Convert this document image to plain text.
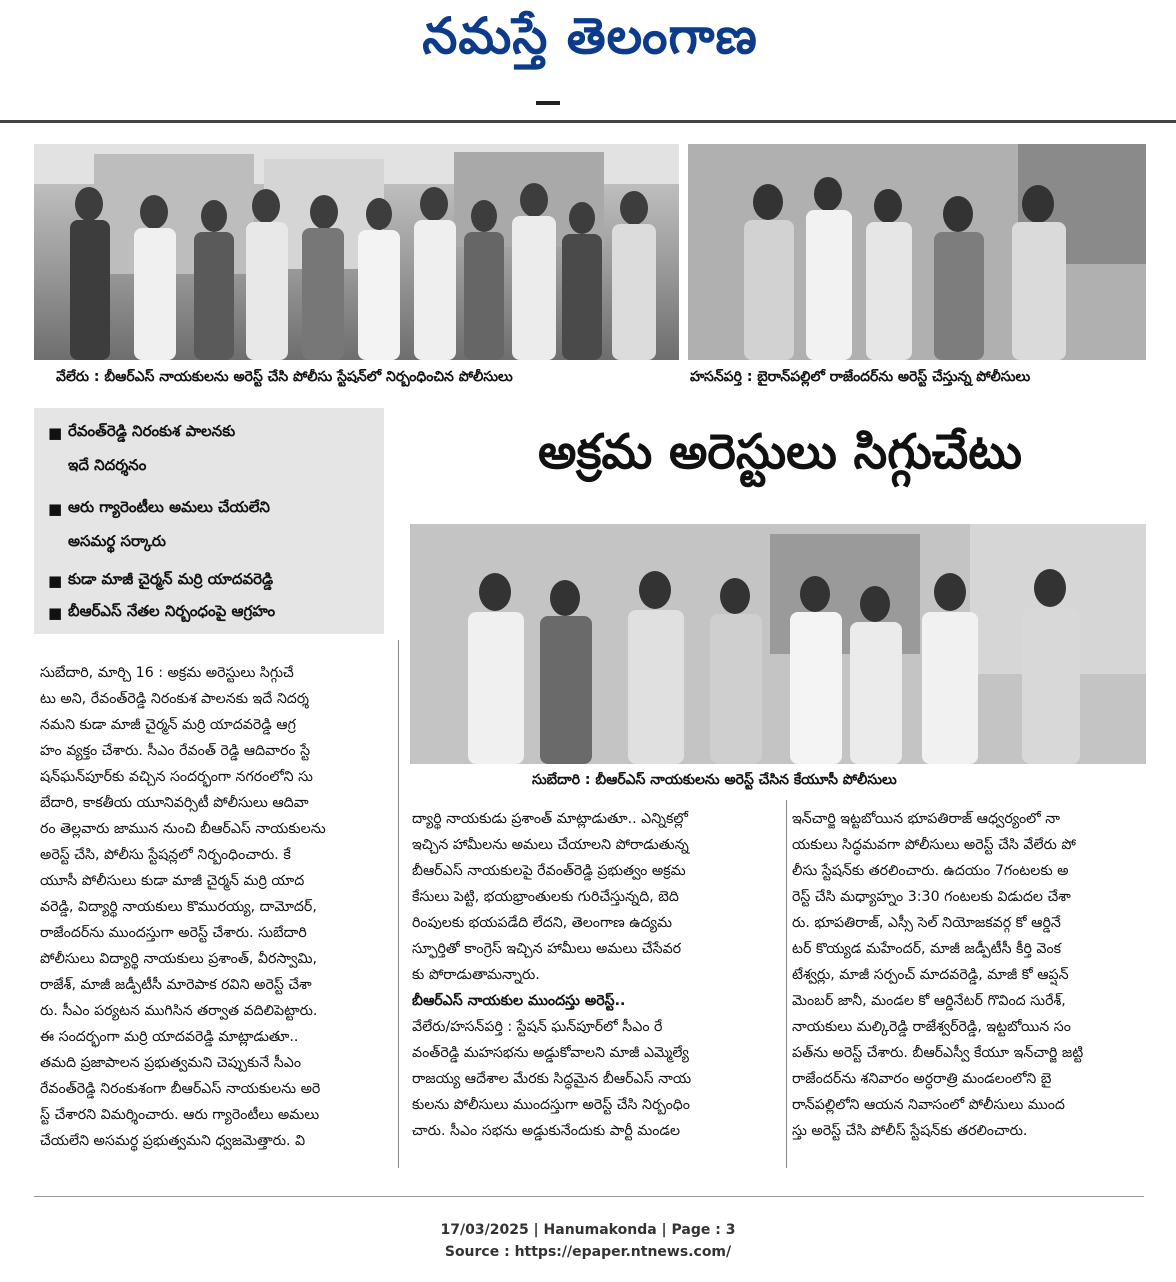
నమస్తే తెలంగాణ
వేలేరు : బీఆర్‌ఎస్‌ నాయకులను అరెస్ట్‌ చేసి పోలీసు స్టేషన్‌లో నిర్బంధించిన పోలీసులు	హసన్‌పర్తి : బైరాన్‌పల్లిలో రాజేందర్‌ను అరెస్ట్‌ చేస్తున్న పోలీసులు
■ రేవంత్‌రెడ్డి నిరంకుశ పాలనకు
ఇదే నిదర్శనం
■ ఆరు గ్యారెంటీలు అమలు చేయలేని
అసమర్థ సర్కారు
■ కుడా మాజీ చైర్మన్‌ మర్రి యాదవరెడ్డి
■ బీఆర్‌ఎస్‌ నేతల నిర్బంధంపై ఆగ్రహం
అక్రమ అరెస్టులు సిగ్గుచేటు
సుబేదారి : బీఆర్‌ఎస్‌ నాయకులను అరెస్ట్‌ చేసిన కేయూసీ పోలీసులు
సుబేదారి, మార్చి 16 : అక్రమ అరెస్టులు సిగ్గుచే
టు అని, రేవంత్‌రెడ్డి నిరంకుశ పాలనకు ఇదే నిదర్శ
నమని కుడా మాజీ చైర్మన్‌ మర్రి యాదవరెడ్డి ఆగ్ర
హం వ్యక్తం చేశారు. సీఎం రేవంత్‌ రెడ్డి ఆదివారం స్టే
షన్‌ఘన్‌పూర్‌కు వచ్చిన సందర్భంగా నగరంలోని సు
బేదారి, కాకతీయ యూనివర్సిటీ పోలీసులు ఆదివా
రం తెల్లవారు జామున నుంచి బీఆర్‌ఎస్‌ నాయకులను
అరెస్ట్‌ చేసి, పోలీసు స్టేషన్లలో నిర్బంధించారు. కే
యూసీ పోలీసులు కుడా మాజీ చైర్మన్‌ మర్రి యాద
వరెడ్డి, విద్యార్థి నాయకులు కొమురయ్య, దామోదర్‌,
రాజేందర్‌ను ముందస్తుగా అరెస్ట్‌ చేశారు. సుబేదారి
పోలీసులు విద్యార్థి నాయకులు ప్రశాంత్‌, వీరస్వామి,
రాజేశ్‌, మాజీ జడ్పీటీసీ మారెపాక రవిని అరెస్ట్‌ చేశా
రు. సీఎం పర్యటన ముగిసిన తర్వాత వదిలిపెట్టారు.
ఈ సందర్భంగా మర్రి యాదవరెడ్డి మాట్లాడుతూ..
తమది ప్రజాపాలన ప్రభుత్వమని చెప్పుకునే సీఎం
రేవంత్‌రెడ్డి నిరంకుశంగా బీఆర్‌ఎస్‌ నాయకులను అరె
స్ట్‌ చేశారని విమర్శించారు. ఆరు గ్యారెంటీలు అమలు
చేయలేని అసమర్థ ప్రభుత్వమని ధ్వజమెత్తారు. వి
ద్యార్థి నాయకుడు ప్రశాంత్‌ మాట్లాడుతూ.. ఎన్నికల్లో
ఇచ్చిన హామీలను అమలు చేయాలని పోరాడుతున్న
బీఆర్‌ఎస్‌ నాయకులపై రేవంత్‌రెడ్డి ప్రభుత్వం అక్రమ
కేసులు పెట్టి, భయభ్రాంతులకు గురిచేస్తున్నది, బెది
రింపులకు భయపడేది లేదని, తెలంగాణ ఉద్యమ
స్ఫూర్తితో కాంగ్రెస్‌ ఇచ్చిన హామీలు అమలు చేసేవర
కు పోరాడుతామన్నారు.
బీఆర్‌ఎస్‌ నాయకుల ముందస్తు అరెస్ట్‌..
వేలేరు/హసన్‌పర్తి : స్టేషన్‌ ఘన్‌పూర్‌లో సీఎం రే
వంత్‌రెడ్డి మహసభను అడ్డుకోవాలని మాజీ ఎమ్మెల్యే
రాజయ్య ఆదేశాల మేరకు సిద్ధమైన బీఆర్‌ఎస్‌ నాయ
కులను పోలీసులు ముందస్తుగా అరెస్ట్‌ చేసి నిర్బంధిం
చారు. సీఎం సభను అడ్డుకునేందుకు పార్టీ మండల
ఇన్‌చార్జి ఇట్టబోయిన భూపతిరాజ్‌ ఆధ్వర్యంలో నా
యకులు సిద్ధమవగా పోలీసులు అరెస్ట్‌ చేసి వేలేరు పో
లీసు స్టేషన్‌కు తరలించారు. ఉదయం 7గంటలకు అ
రెస్ట్‌ చేసి మధ్యాహ్నం 3:30 గంటలకు విడుదల చేశా
రు. భూపతిరాజ్‌, ఎస్సీ సెల్‌ నియోజకవర్గ కో ఆర్డినే
టర్‌ కొయ్యడ మహేందర్‌, మాజీ జడ్పీటీసీ కీర్తి వెంక
టేశ్వర్లు, మాజీ సర్పంచ్‌ మాదవరెడ్డి, మాజీ కో ఆప్షన్‌
మెంబర్‌ జానీ, మండల కో ఆర్డినేటర్‌ గొవింద సురేశ్‌,
నాయకులు మల్కిరెడ్డి రాజేశ్వర్‌రెడ్డి, ఇట్టబోయిన సం
పత్‌ను అరెస్ట్‌ చేశారు. బీఆర్‌ఎస్వీ కేయూ ఇన్‌చార్జి జట్టి
రాజేందర్‌ను శనివారం అర్ధరాత్రి మండలంలోని బై
రాన్‌పల్లిలోని ఆయన నివాసంలో పోలీసులు ముంద
స్తు అరెస్ట్‌ చేసి పోలీస్‌ స్టేషన్‌కు తరలించారు.
17/03/2025 | Hanumakonda | Page : 3
Source : https://epaper.ntnews.com/
